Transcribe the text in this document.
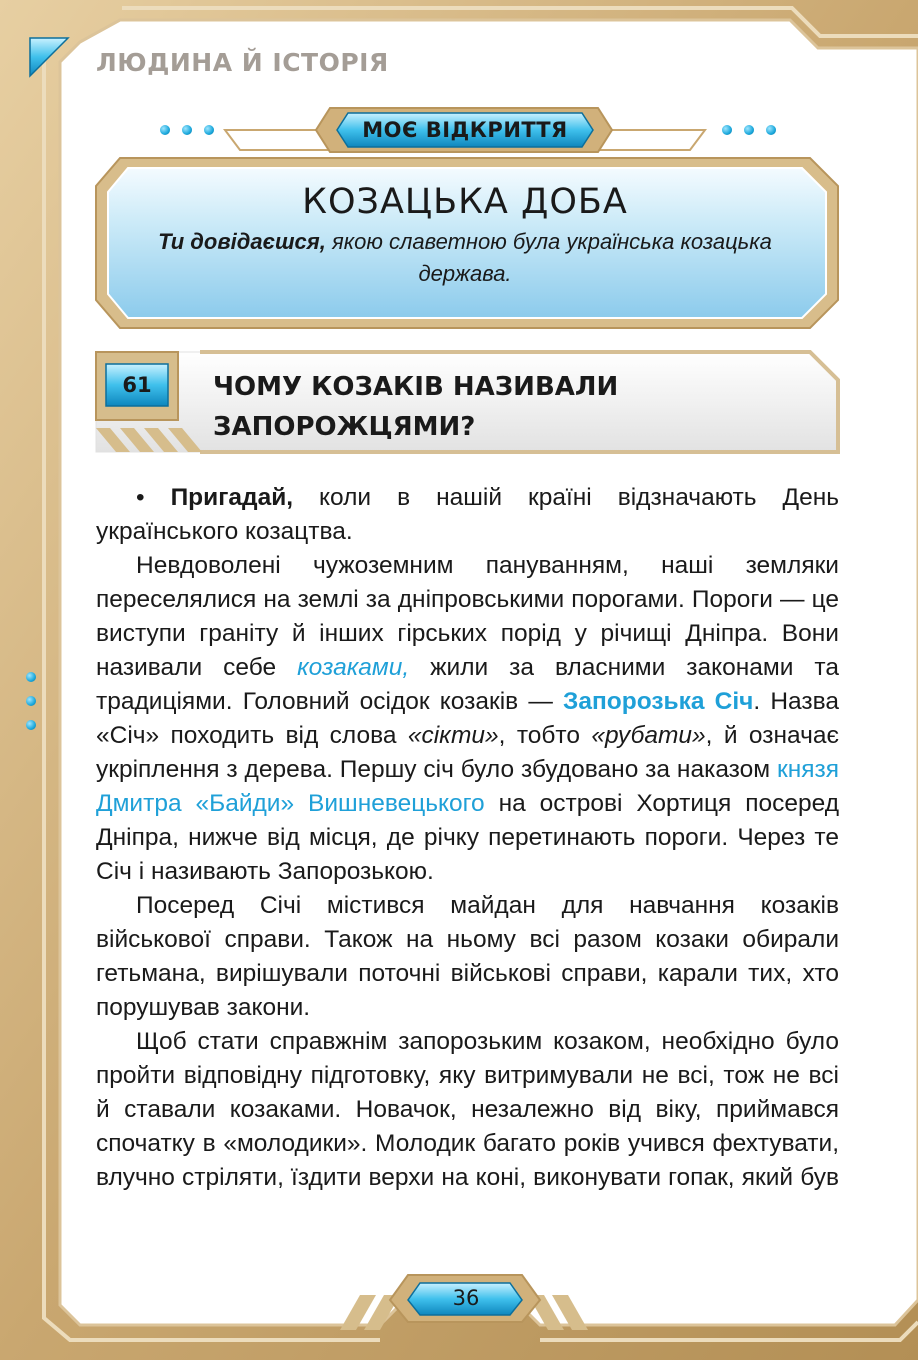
ЛЮДИНА Й ІСТОРІЯ
МОЄ ВІДКРИТТЯ
КОЗАЦЬКА ДОБА
Ти довідаєшся, якою славетною була українська козацька держава.
61	ЧОМУ КОЗАКІВ НАЗИВАЛИ
ЗАПОРОЖЦЯМИ?

• Пригадай, коли в нашій країні відзначають День українського козацтва.

Невдоволені чужоземним пануванням, наші земляки переселялися на землі за дніпровськими порогами. Пороги — це виступи граніту й інших гірських порід у річищі Дніпра. Вони називали себе козаками, жили за власними законами та традиціями. Головний осідок козаків — Запорозька Січ. Назва «Січ» походить від слова «сікти», тобто «рубати», й означає укріплення з дерева. Першу січ було збудовано за наказом князя Дмитра «Байди» Вишневецького на острові Хортиця посеред Дніпра, нижче від місця, де річку перетинають пороги. Через те Січ і називають Запорозькою.

Посеред Січі містився майдан для навчання козаків військової справи. Також на ньому всі разом козаки обирали гетьмана, вирішували поточні військові справи, карали тих, хто порушував закони.

Щоб стати справжнім запорозьким козаком, необхідно було пройти відповідну підготовку, яку витримували не всі, тож не всі й ставали козаками. Новачок, незалежно від віку, приймався спочатку в «молодики». Молодик багато років учився фехтувати, влучно стріляти, їздити верхи на коні, виконувати гопак, який був

36
